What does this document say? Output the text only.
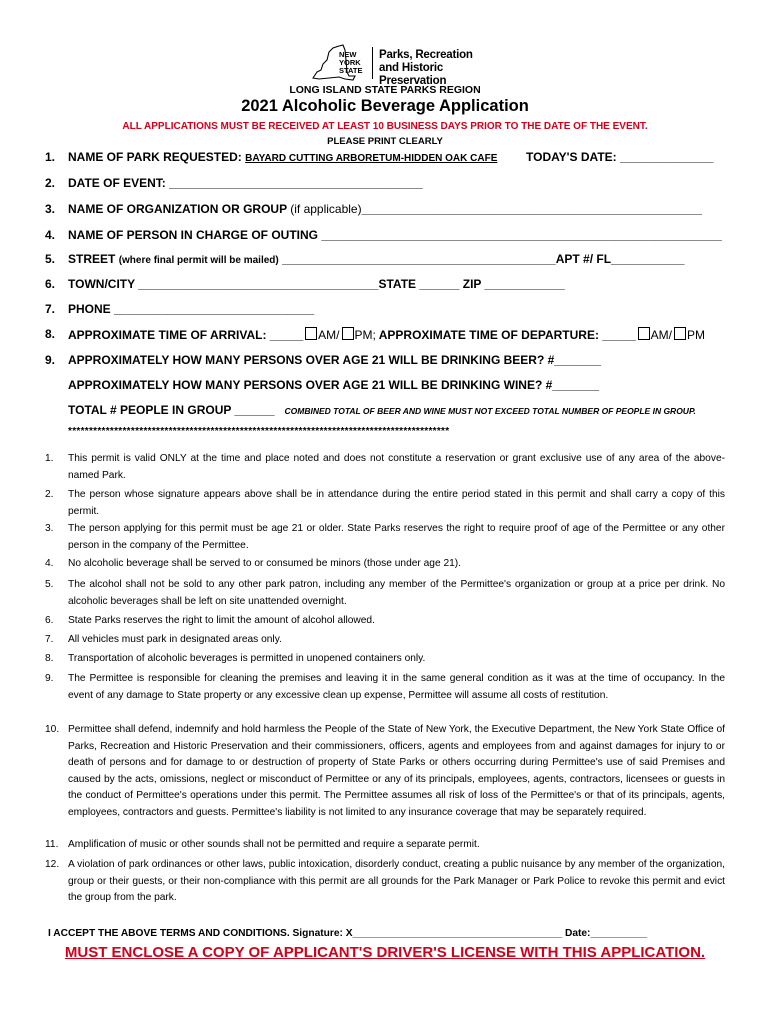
NEW
YORK
STATE
Parks, Recreation
and Historic Preservation
LONG ISLAND STATE PARKS REGION
2021 Alcoholic Beverage Application
ALL APPLICATIONS MUST BE RECEIVED AT LEAST 10 BUSINESS DAYS PRIOR TO THE DATE OF THE EVENT.
PLEASE PRINT CLEARLY
1. NAME OF PARK REQUESTED: BAYARD CUTTING ARBORETUM-HIDDEN OAK CAFE TODAY'S DATE: ______________
2. DATE OF EVENT: ______________________________________
3. NAME OF ORGANIZATION OR GROUP (if applicable)___________________________________________________
4. NAME OF PERSON IN CHARGE OF OUTING ____________________________________________________________
5. STREET (where final permit will be mailed) _________________________________________APT #/ FL___________
6. TOWN/CITY ____________________________________STATE ______ ZIP ____________
7. PHONE ______________________________
8. APPROXIMATE TIME OF ARRIVAL: _____ AM/ PM; APPROXIMATE TIME OF DEPARTURE: _____ AM/ PM
9. APPROXIMATELY HOW MANY PERSONS OVER AGE 21 WILL BE DRINKING BEER? #_______
APPROXIMATELY HOW MANY PERSONS OVER AGE 21 WILL BE DRINKING WINE? #_______
TOTAL # PEOPLE IN GROUP ______ COMBINED TOTAL OF BEER AND WINE MUST NOT EXCEED TOTAL NUMBER OF PEOPLE IN GROUP.
*******************************************************************************************
1. This permit is valid ONLY at the time and place noted and does not constitute a reservation or grant exclusive use of any area of the above-named Park.
2. The person whose signature appears above shall be in attendance during the entire period stated in this permit and shall carry a copy of this permit.
3. The person applying for this permit must be age 21 or older. State Parks reserves the right to require proof of age of the Permittee or any other person in the company of the Permittee.
4. No alcoholic beverage shall be served to or consumed be minors (those under age 21).
5. The alcohol shall not be sold to any other park patron, including any member of the Permittee's organization or group at a price per drink. No alcoholic beverages shall be left on site unattended overnight.
6. State Parks reserves the right to limit the amount of alcohol allowed.
7. All vehicles must park in designated areas only.
8. Transportation of alcoholic beverages is permitted in unopened containers only.
9. The Permittee is responsible for cleaning the premises and leaving it in the same general condition as it was at the time of occupancy. In the event of any damage to State property or any excessive clean up expense, Permittee will assume all costs of restitution.
10. Permittee shall defend, indemnify and hold harmless the People of the State of New York, the Executive Department, the New York State Office of Parks, Recreation and Historic Preservation and their commissioners, officers, agents and employees from and against damages for injury to or death of persons and for damage to or destruction of property of State Parks or others occurring during Permittee's use of said Premises and caused by the acts, omissions, neglect or misconduct of Permittee or any of its principals, employees, agents, contractors, licensees or guests in the conduct of Permittee's operations under this permit. The Permittee assumes all risk of loss of the Permittee's or that of its principals, agents, employees, contractors and guests. Permittee's liability is not limited to any insurance coverage that may be separately required.
11. Amplification of music or other sounds shall not be permitted and require a separate permit.
12. A violation of park ordinances or other laws, public intoxication, disorderly conduct, creating a public nuisance by any member of the organization, group or their guests, or their non-compliance with this permit are all grounds for the Park Manager or Park Police to revoke this permit and evict the group from the park.
I ACCEPT THE ABOVE TERMS AND CONDITIONS. Signature: X_____________________________________ Date:__________
MUST ENCLOSE A COPY OF APPLICANT'S DRIVER'S LICENSE WITH THIS APPLICATION.
